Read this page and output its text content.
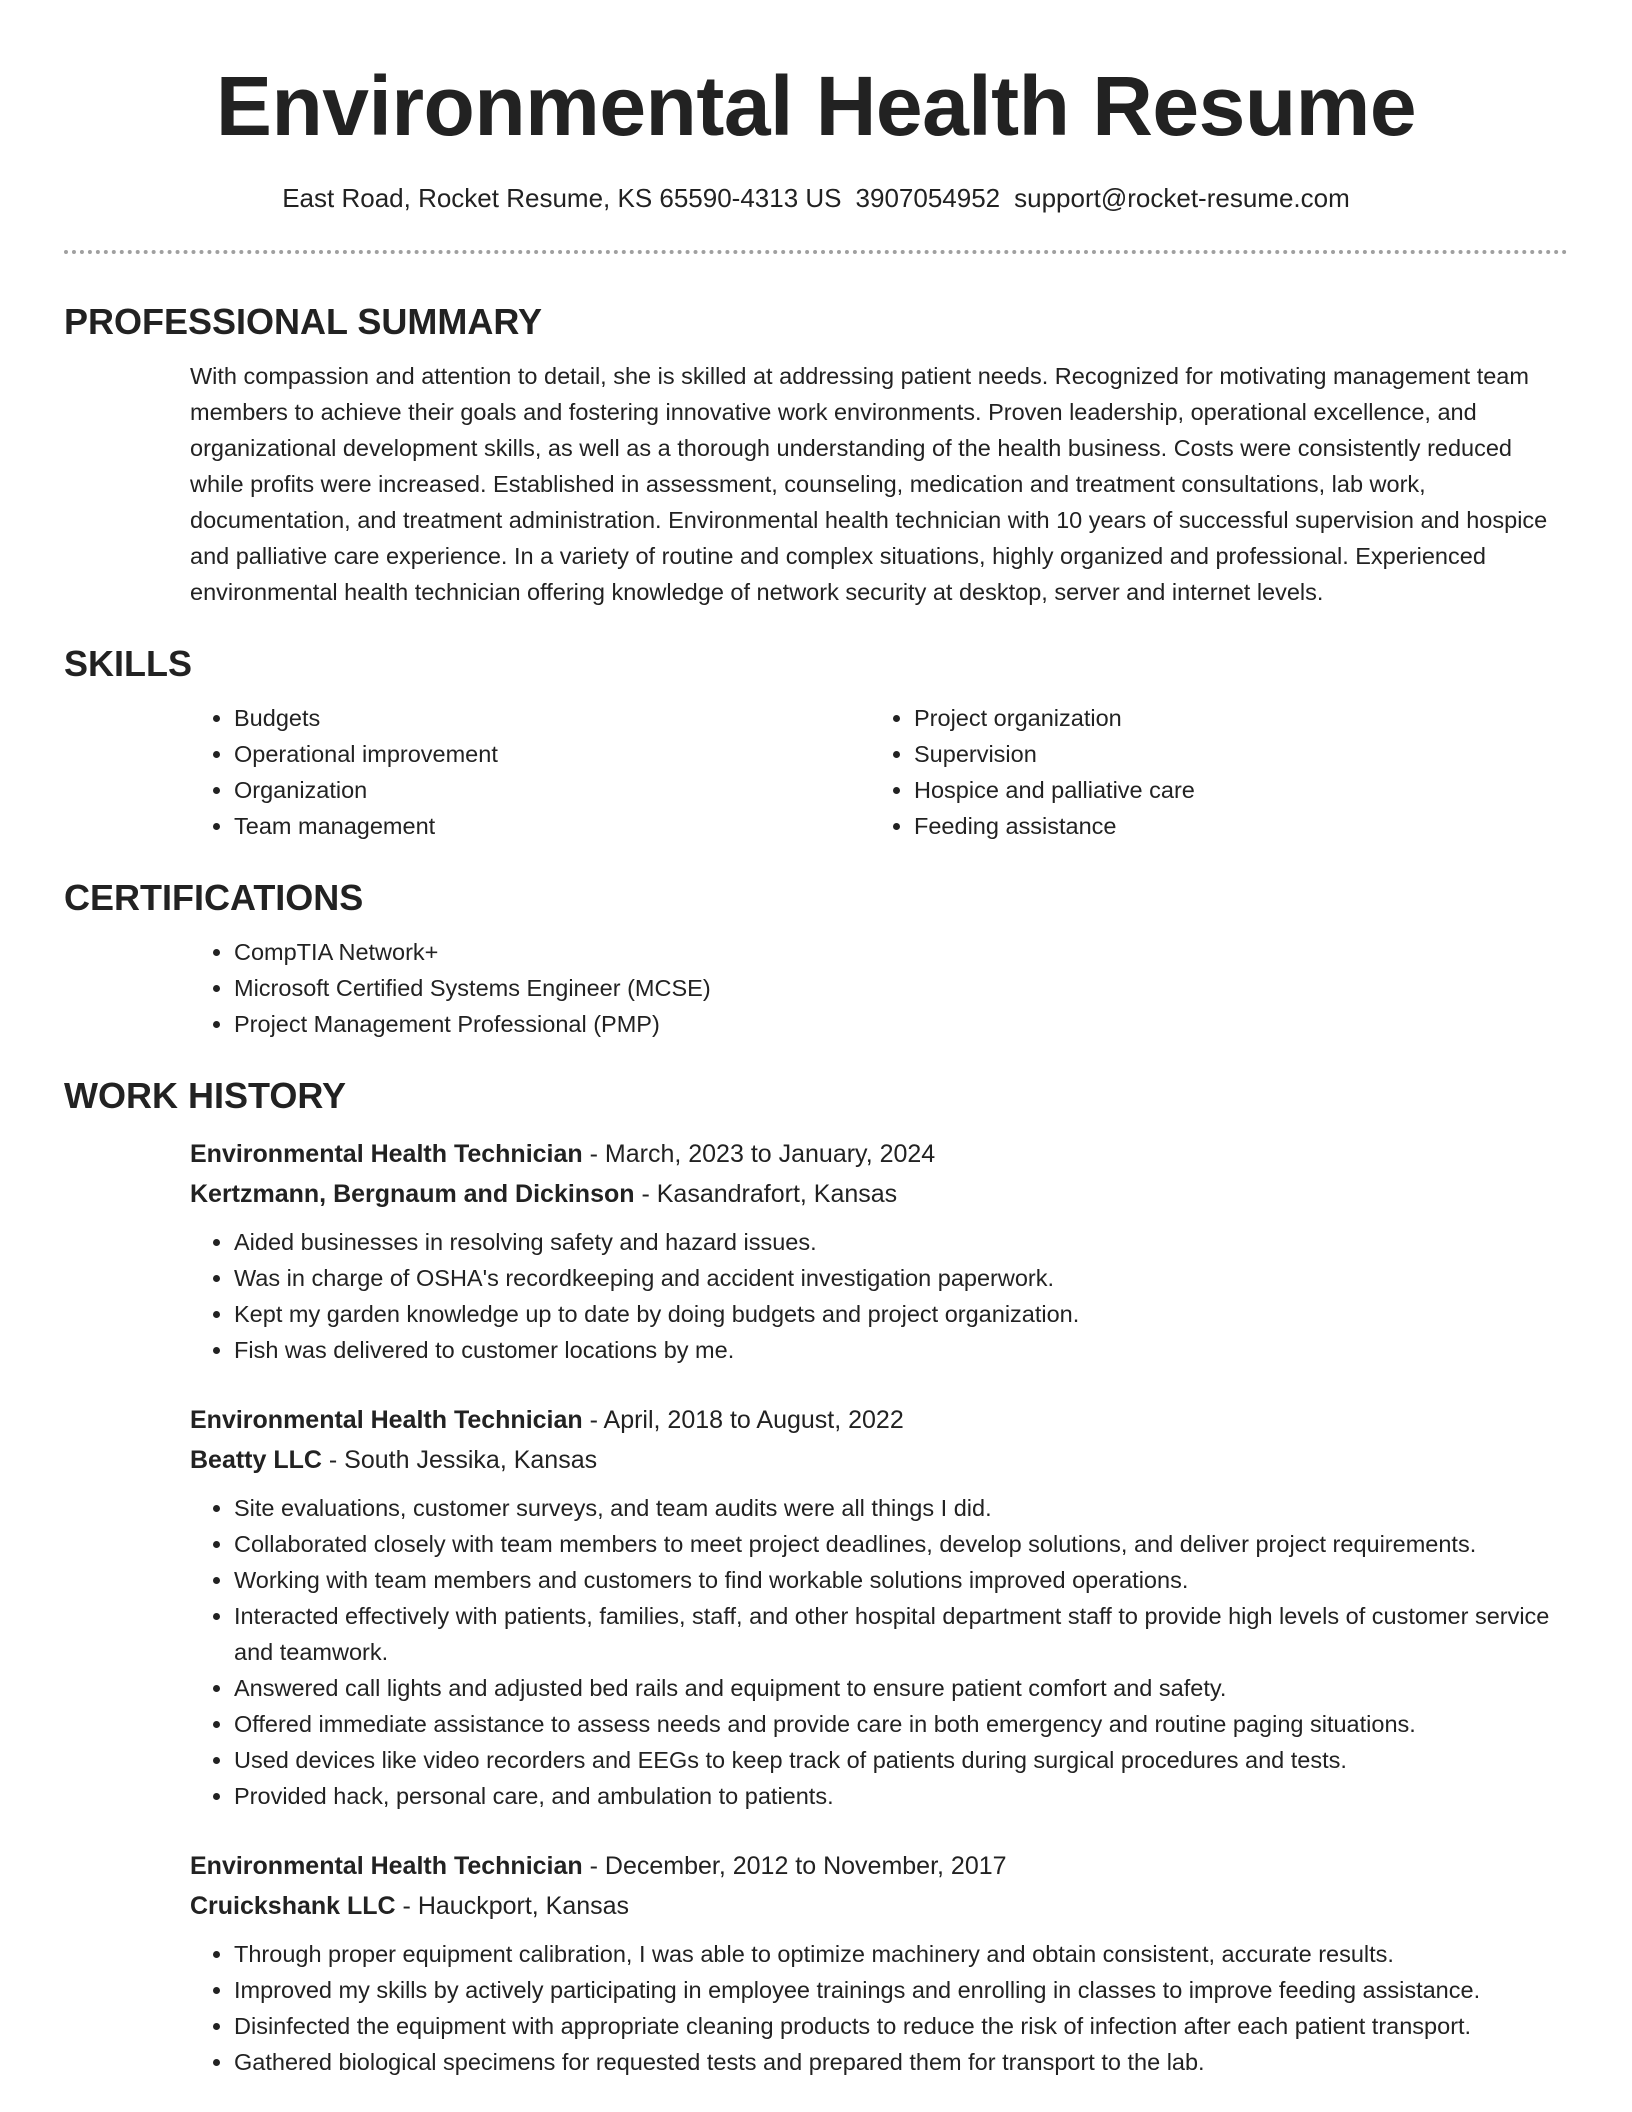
Environmental Health Resume
East Road, Rocket Resume, KS 65590-4313 US 3907054952 support@rocket-resume.com
PROFESSIONAL SUMMARY

With compassion and attention to detail, she is skilled at addressing patient needs. Recognized for motivating management team members to achieve their goals and fostering innovative work environments. Proven leadership, operational excellence, and organizational development skills, as well as a thorough understanding of the health business. Costs were consistently reduced while profits were increased. Established in assessment, counseling, medication and treatment consultations, lab work, documentation, and treatment administration. Environmental health technician with 10 years of successful supervision and hospice and palliative care experience. In a variety of routine and complex situations, highly organized and professional. Experienced environmental health technician offering knowledge of network security at desktop, server and internet levels.

SKILLS
• Budgets
• Operational improvement
• Organization
• Team management
• Project organization
• Supervision
• Hospice and palliative care
• Feeding assistance
CERTIFICATIONS
• CompTIA Network+
• Microsoft Certified Systems Engineer (MCSE)
• Project Management Professional (PMP)
WORK HISTORY
Environmental Health Technician - March, 2023 to January, 2024
Kertzmann, Bergnaum and Dickinson - Kasandrafort, Kansas
• Aided businesses in resolving safety and hazard issues.
• Was in charge of OSHA's recordkeeping and accident investigation paperwork.
• Kept my garden knowledge up to date by doing budgets and project organization.
• Fish was delivered to customer locations by me.
Environmental Health Technician - April, 2018 to August, 2022
Beatty LLC - South Jessika, Kansas
• Site evaluations, customer surveys, and team audits were all things I did.
• Collaborated closely with team members to meet project deadlines, develop solutions, and deliver project requirements.
• Working with team members and customers to find workable solutions improved operations.
• Interacted effectively with patients, families, staff, and other hospital department staff to provide high levels of customer service and teamwork.
• Answered call lights and adjusted bed rails and equipment to ensure patient comfort and safety.
• Offered immediate assistance to assess needs and provide care in both emergency and routine paging situations.
• Used devices like video recorders and EEGs to keep track of patients during surgical procedures and tests.
• Provided hack, personal care, and ambulation to patients.
Environmental Health Technician - December, 2012 to November, 2017
Cruickshank LLC - Hauckport, Kansas
• Through proper equipment calibration, I was able to optimize machinery and obtain consistent, accurate results.
• Improved my skills by actively participating in employee trainings and enrolling in classes to improve feeding assistance.
• Disinfected the equipment with appropriate cleaning products to reduce the risk of infection after each patient transport.
• Gathered biological specimens for requested tests and prepared them for transport to the lab.
